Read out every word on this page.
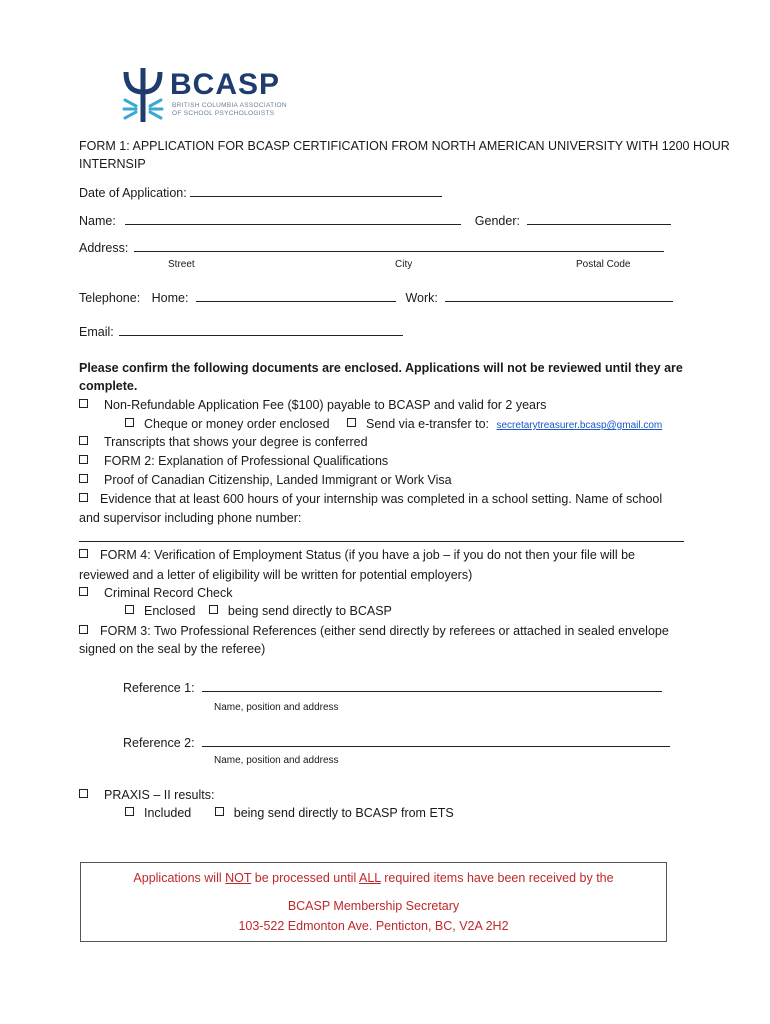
BCASP
BRITISH COLUMBIA ASSOCIATION
OF SCHOOL PSYCHOLOGISTS
FORM 1: APPLICATION FOR BCASP CERTIFICATION FROM NORTH AMERICAN UNIVERSITY WITH 1200 HOUR
INTERNSIP
Date of Application:
Name:	Gender:
Address:
Street	City	Postal Code
Telephone: Home:	Work:
Email:
Please confirm the following documents are enclosed. Applications will not be reviewed until they are
complete.
Non-Refundable Application Fee ($100) payable to BCASP and valid for 2 years
Cheque or money order enclosed	Send via e-transfer to: secretarytreasurer.bcasp@gmail.com
Transcripts that shows your degree is conferred
FORM 2: Explanation of Professional Qualifications
Proof of Canadian Citizenship, Landed Immigrant or Work Visa
Evidence that at least 600 hours of your internship was completed in a school setting. Name of school
and supervisor including phone number:
FORM 4: Verification of Employment Status (if you have a job – if you do not then your file will be
reviewed and a letter of eligibility will be written for potential employers)
Criminal Record Check
Enclosed	being send directly to BCASP
FORM 3: Two Professional References (either send directly by referees or attached in sealed envelope
signed on the seal by the referee)
Reference 1:
Name, position and address
Reference 2:
Name, position and address
PRAXIS – II results:
Included	being send directly to BCASP from ETS
Applications will NOT be processed until ALL required items have been received by the
BCASP Membership Secretary
103-522 Edmonton Ave. Penticton, BC, V2A 2H2
